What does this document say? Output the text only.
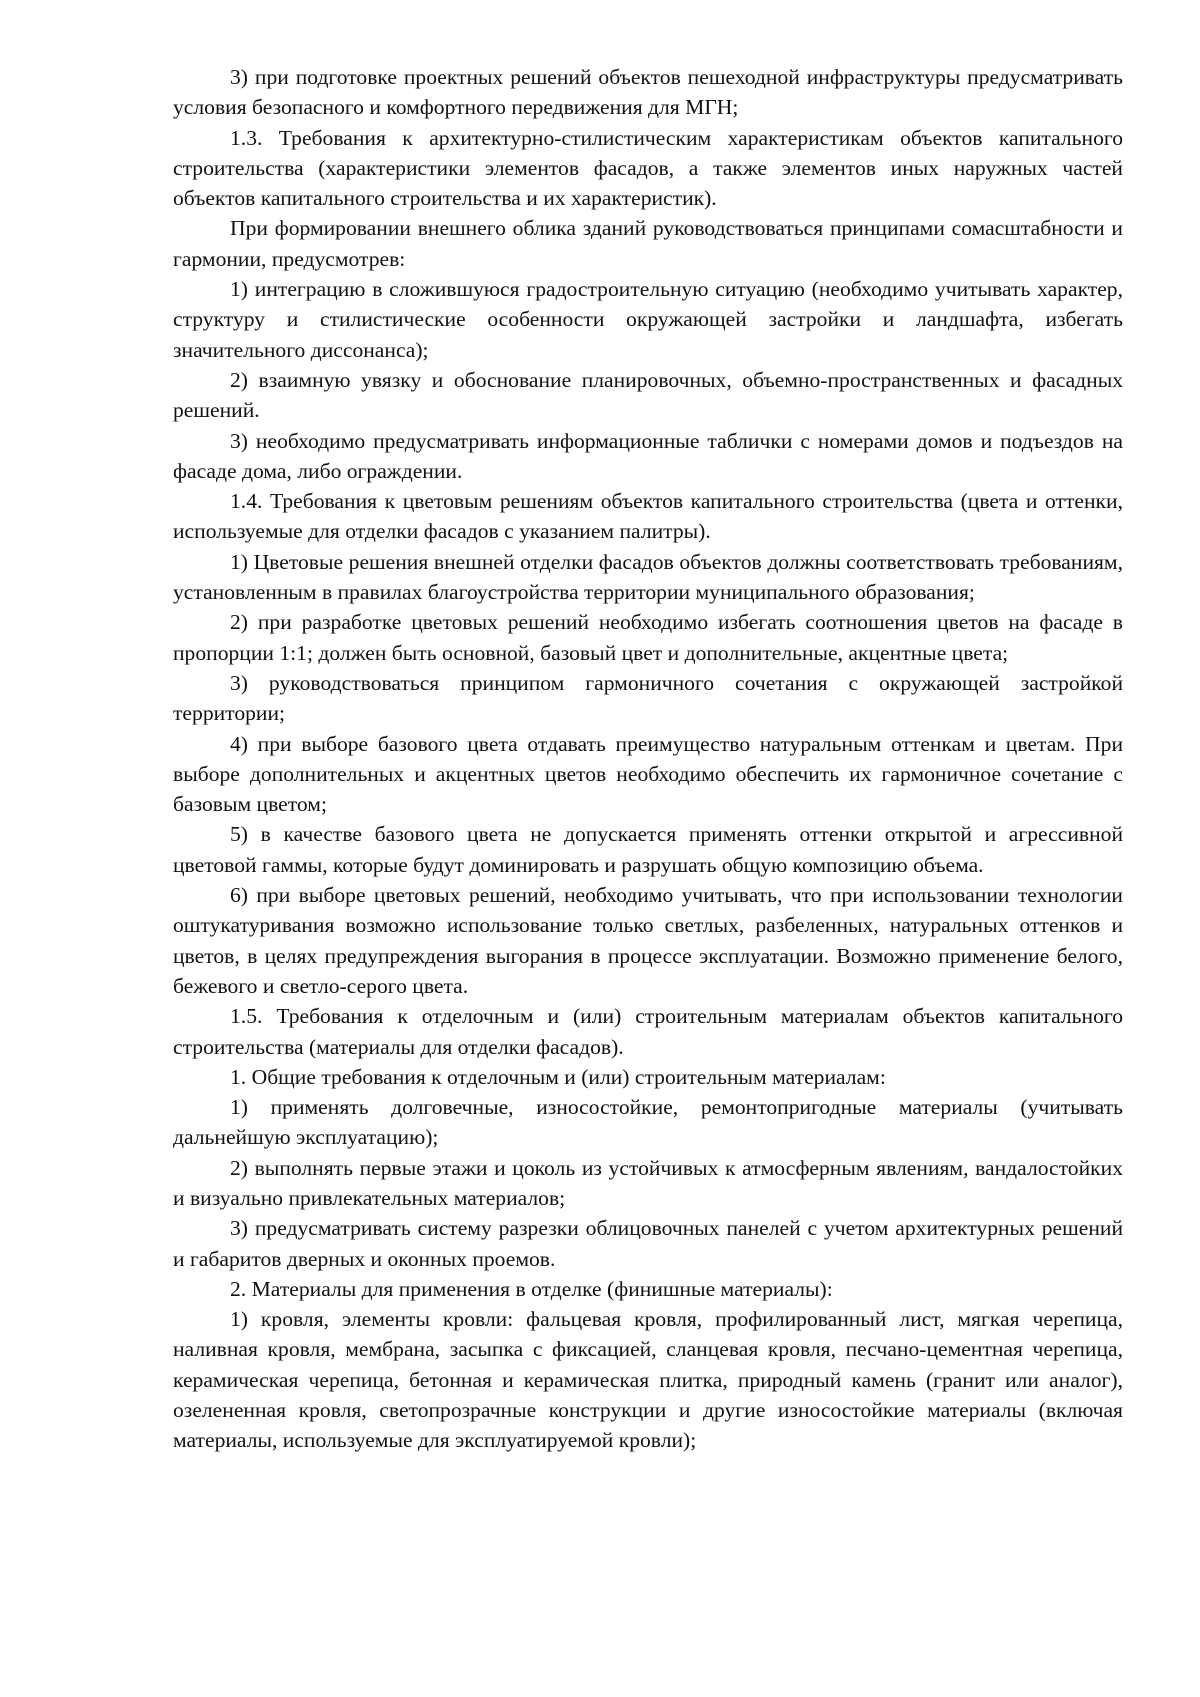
3) при подготовке проектных решений объектов пешеходной инфраструктуры предусматривать условия безопасного и комфортного передвижения для МГН;

1.3. Требования к архитектурно-стилистическим характеристикам объектов капитального строительства (характеристики элементов фасадов, а также элементов иных наружных частей объектов капитального строительства и их характеристик).

При формировании внешнего облика зданий руководствоваться принципами сомасштабности и гармонии, предусмотрев:

1) интеграцию в сложившуюся градостроительную ситуацию (необходимо учитывать характер, структуру и стилистические особенности окружающей застройки и ландшафта, избегать значительного диссонанса);

2) взаимную увязку и обоснование планировочных, объемно-пространственных и фасадных решений.

3) необходимо предусматривать информационные таблички с номерами домов и подъездов на фасаде дома, либо ограждении.

1.4. Требования к цветовым решениям объектов капитального строительства (цвета и оттенки, используемые для отделки фасадов с указанием палитры).

1) Цветовые решения внешней отделки фасадов объектов должны соответствовать требованиям, установленным в правилах благоустройства территории муниципального образования;

2) при разработке цветовых решений необходимо избегать соотношения цветов на фасаде в пропорции 1:1; должен быть основной, базовый цвет и дополнительные, акцентные цвета;

3) руководствоваться принципом гармоничного сочетания с окружающей застройкой территории;

4) при выборе базового цвета отдавать преимущество натуральным оттенкам и цветам. При выборе дополнительных и акцентных цветов необходимо обеспечить их гармоничное сочетание с базовым цветом;

5) в качестве базового цвета не допускается применять оттенки открытой и агрессивной цветовой гаммы, которые будут доминировать и разрушать общую композицию объема.

6) при выборе цветовых решений, необходимо учитывать, что при использовании технологии оштукатуривания возможно использование только светлых, разбеленных, натуральных оттенков и цветов, в целях предупреждения выгорания в процессе эксплуатации. Возможно применение белого, бежевого и светло-серого цвета.

1.5. Требования к отделочным и (или) строительным материалам объектов капитального строительства (материалы для отделки фасадов).

1. Общие требования к отделочным и (или) строительным материалам:

1) применять долговечные, износостойкие, ремонтопригодные материалы (учитывать дальнейшую эксплуатацию);

2) выполнять первые этажи и цоколь из устойчивых к атмосферным явлениям, вандалостойких и визуально привлекательных материалов;

3) предусматривать систему разрезки облицовочных панелей с учетом архитектурных решений и габаритов дверных и оконных проемов.

2. Материалы для применения в отделке (финишные материалы):

1) кровля, элементы кровли: фальцевая кровля, профилированный лист, мягкая черепица, наливная кровля, мембрана, засыпка с фиксацией, сланцевая кровля, песчано-цементная черепица, керамическая черепица, бетонная и керамическая плитка, природный камень (гранит или аналог), озелененная кровля, светопрозрачные конструкции и другие износостойкие материалы (включая материалы, используемые для эксплуатируемой кровли);
